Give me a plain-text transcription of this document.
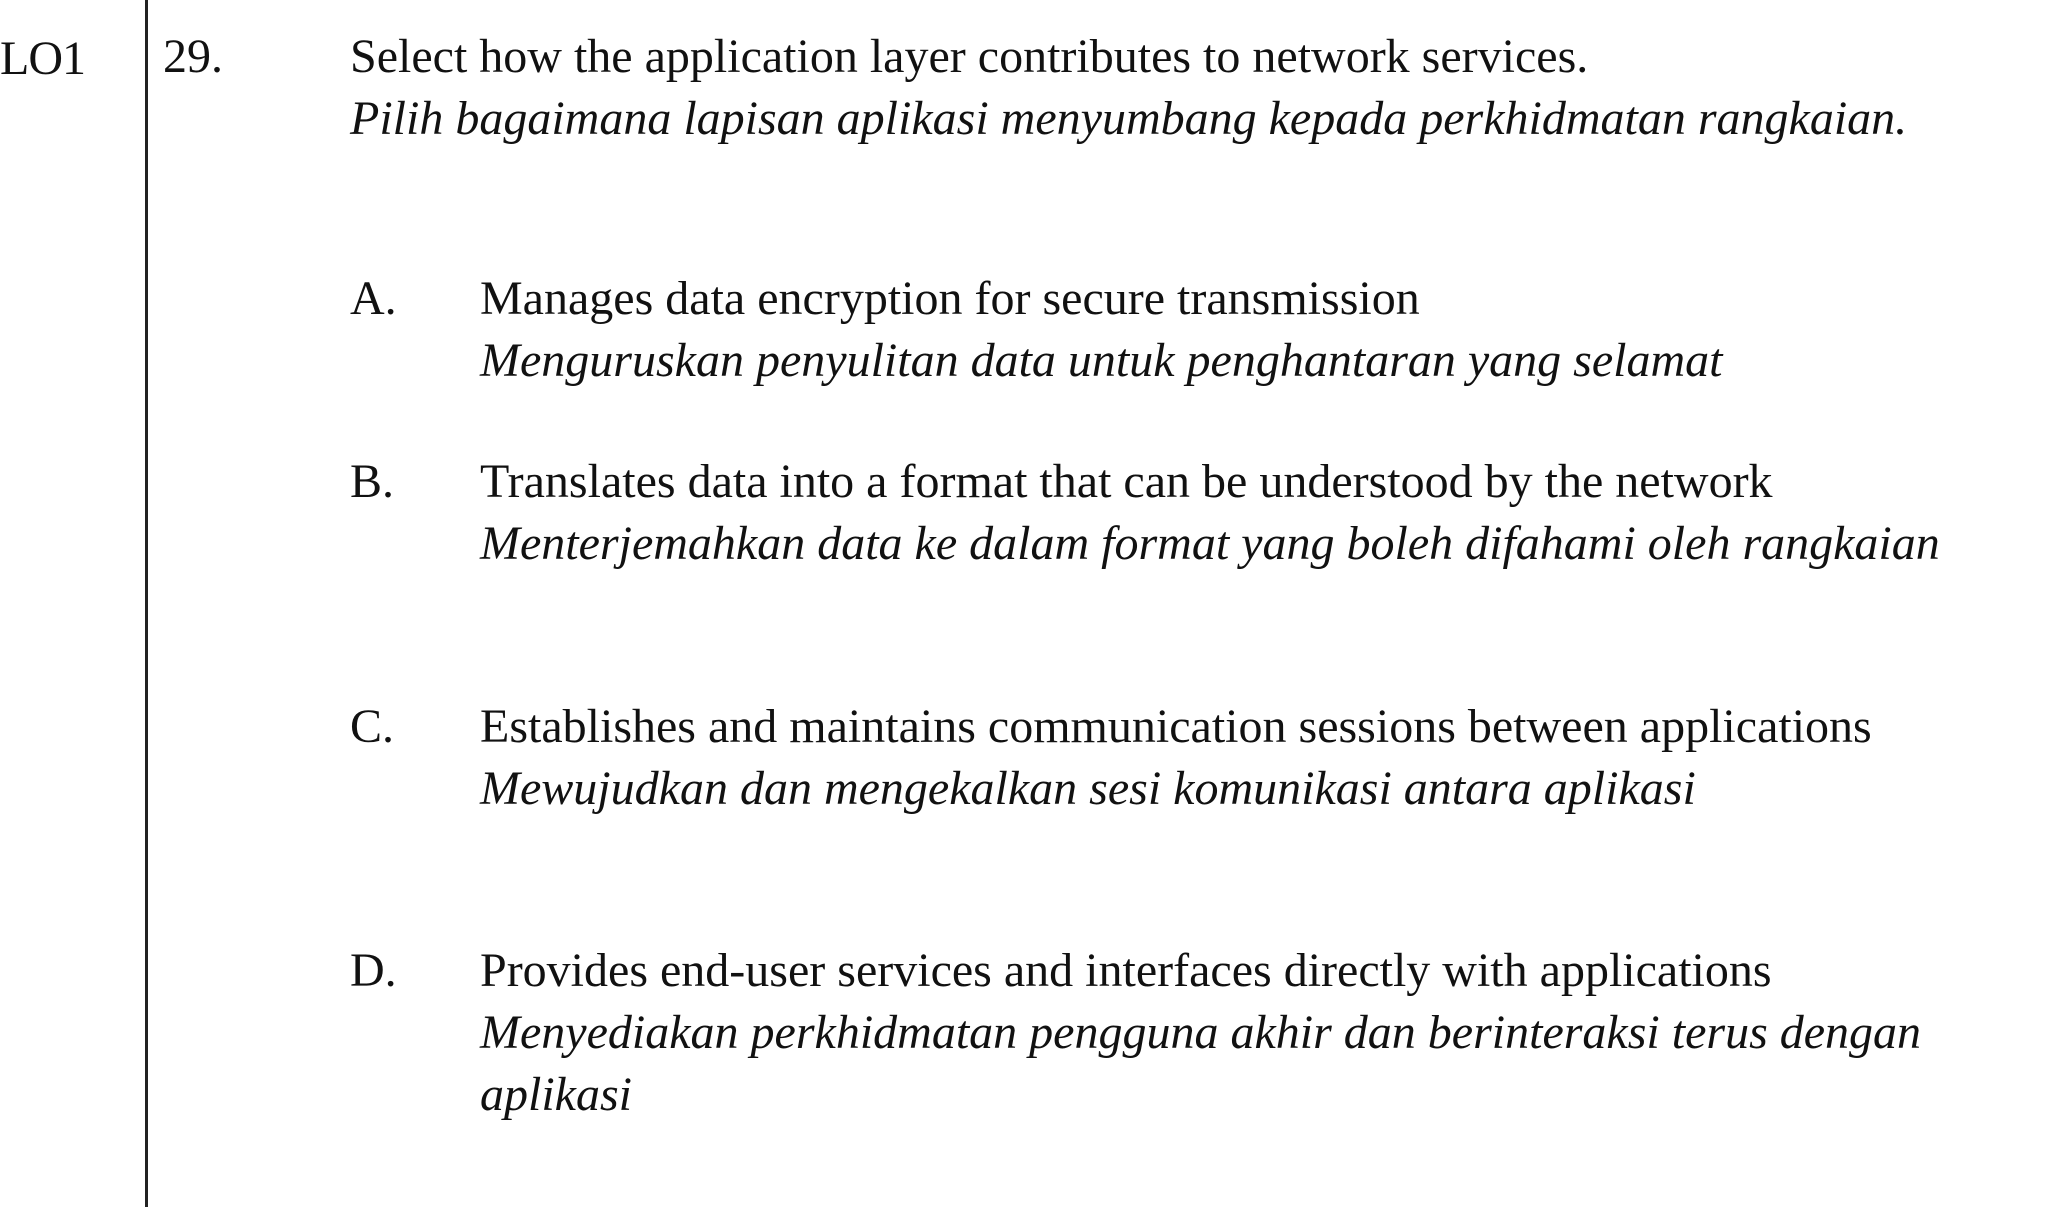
LO1 29.	Select how the application layer contributes to network services.

Pilih bagaimana lapisan aplikasi menyumbang kepada perkhidmatan rangkaian.

A. Manages data encryption for secure transmission

Menguruskan penyulitan data untuk penghantaran yang selamat

B. Translates data into a format that can be understood by the network

Menterjemahkan data ke dalam format yang boleh difahami oleh rangkaian

C. Establishes and maintains communication sessions between applications

Mewujudkan dan mengekalkan sesi komunikasi antara aplikasi

D. Provides end-user services and interfaces directly with applications

Menyediakan perkhidmatan pengguna akhir dan berinteraksi terus dengan aplikasi
